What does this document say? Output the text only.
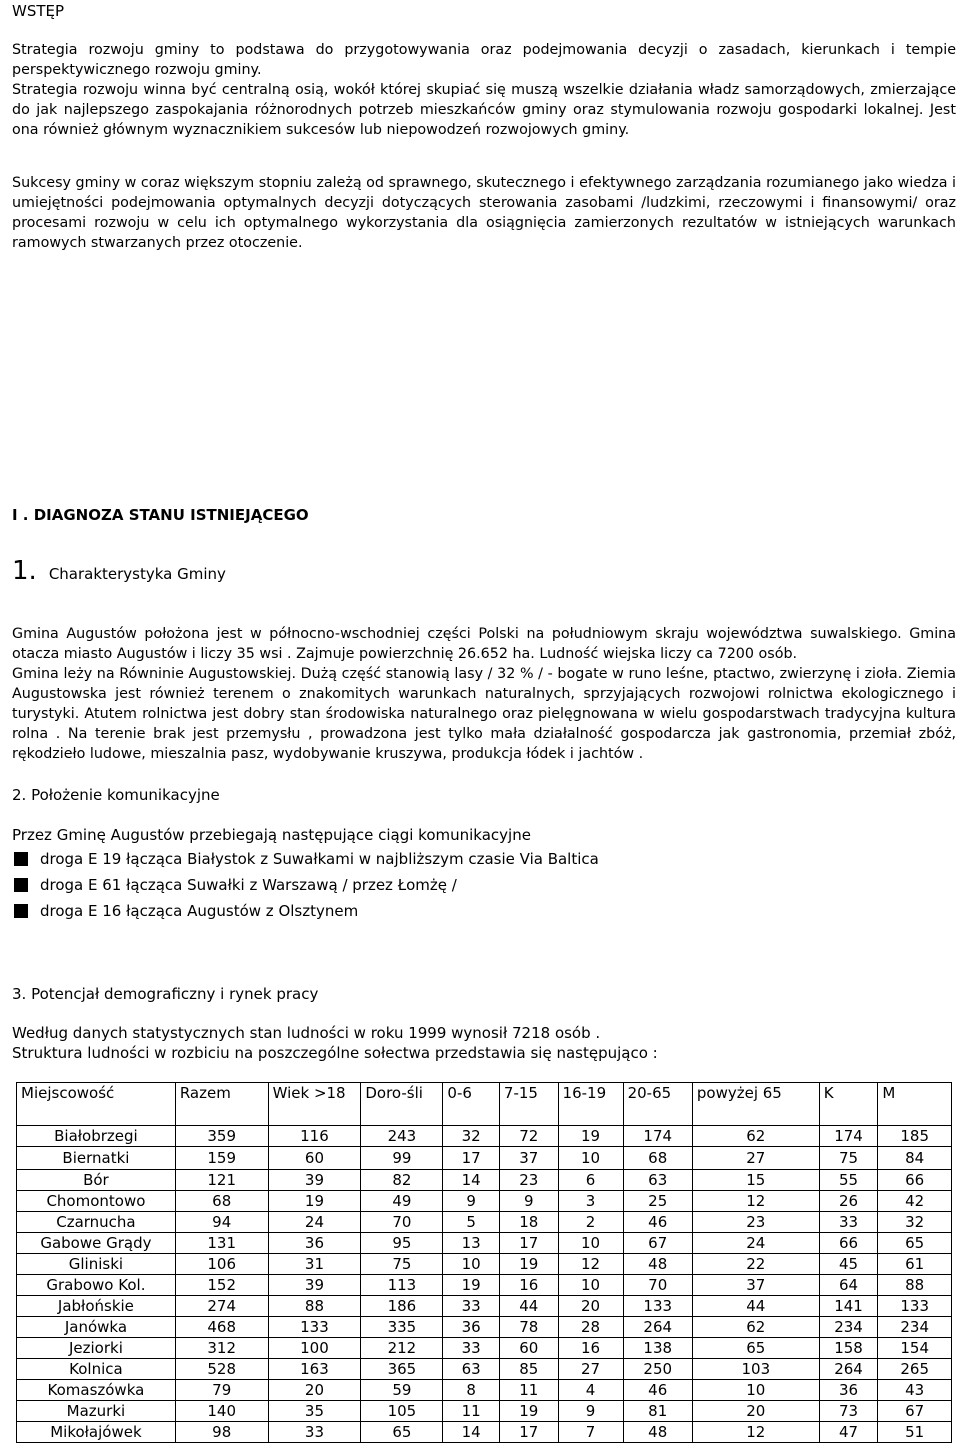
WSTĘP

Strategia rozwoju gminy to podstawa do przygotowywania oraz podejmowania decyzji o zasadach, kierunkach i tempie perspektywicznego rozwoju gminy.

Strategia rozwoju winna być centralną osią, wokół której skupiać się muszą wszelkie działania władz samorządowych, zmierzające do jak najlepszego zaspokajania różnorodnych potrzeb mieszkańców gminy oraz stymulowania rozwoju gospodarki lokalnej. Jest ona również głównym wyznacznikiem sukcesów lub niepowodzeń rozwojowych gminy.

Sukcesy gminy w coraz większym stopniu zależą od sprawnego, skutecznego i efektywnego zarządzania rozumianego jako wiedza i umiejętności podejmowania optymalnych decyzji dotyczących sterowania zasobami /ludzkimi, rzeczowymi i finansowymi/ oraz procesami rozwoju w celu ich optymalnego wykorzystania dla osiągnięcia zamierzonych rezultatów w istniejących warunkach ramowych stwarzanych przez otoczenie.

I . DIAGNOZA STANU ISTNIEJĄCEGO
1. Charakterystyka Gminy

Gmina Augustów położona jest w północno-wschodniej części Polski na południowym skraju województwa suwalskiego. Gmina otacza miasto Augustów i liczy 35 wsi . Zajmuje powierzchnię 26.652 ha. Ludność wiejska liczy ca 7200 osób.

Gmina leży na Równinie Augustowskiej. Dużą część stanowią lasy / 32 % / - bogate w runo leśne, ptactwo, zwierzynę i zioła. Ziemia Augustowska jest również terenem o znakomitych warunkach naturalnych, sprzyjających rozwojowi rolnictwa ekologicznego i turystyki. Atutem rolnictwa jest dobry stan środowiska naturalnego oraz pielęgnowana w wielu gospodarstwach tradycyjna kultura rolna . Na terenie brak jest przemysłu , prowadzona jest tylko mała działalność gospodarcza jak gastronomia, przemiał zbóż, rękodzieło ludowe, mieszalnia pasz, wydobywanie kruszywa, produkcja łódek i jachtów .

2. Położenie komunikacyjne
Przez Gminę Augustów przebiegają następujące ciągi komunikacyjne
droga E 19 łącząca Białystok z Suwałkami w najbliższym czasie Via Baltica
droga E 61 łącząca Suwałki z Warszawą / przez Łomżę /
droga E 16 łącząca Augustów z Olsztynem
3. Potencjał demograficzny i rynek pracy
Według danych statystycznych stan ludności w roku 1999 wynosił 7218 osób .
Struktura ludności w rozbiciu na poszczególne sołectwa przedstawia się następująco :
Miejscowość	Razem	Wiek >18	Doro-śli	0-6	7-15	16-19	20-65	powyżej 65	K	M
Białobrzegi	359	116	243	32	72	19	174	62	174	185
Biernatki	159	60	99	17	37	10	68	27	75	84
Bór	121	39	82	14	23	6	63	15	55	66
Chomontowo	68	19	49	9	9	3	25	12	26	42
Czarnucha	94	24	70	5	18	2	46	23	33	32
Gabowe Grądy	131	36	95	13	17	10	67	24	66	65
Gliniski	106	31	75	10	19	12	48	22	45	61
Grabowo Kol.	152	39	113	19	16	10	70	37	64	88
Jabłońskie	274	88	186	33	44	20	133	44	141	133
Janówka	468	133	335	36	78	28	264	62	234	234
Jeziorki	312	100	212	33	60	16	138	65	158	154
Kolnica	528	163	365	63	85	27	250	103	264	265
Komaszówka	79	20	59	8	11	4	46	10	36	43
Mazurki	140	35	105	11	19	9	81	20	73	67
Mikołajówek	98	33	65	14	17	7	48	12	47	51
